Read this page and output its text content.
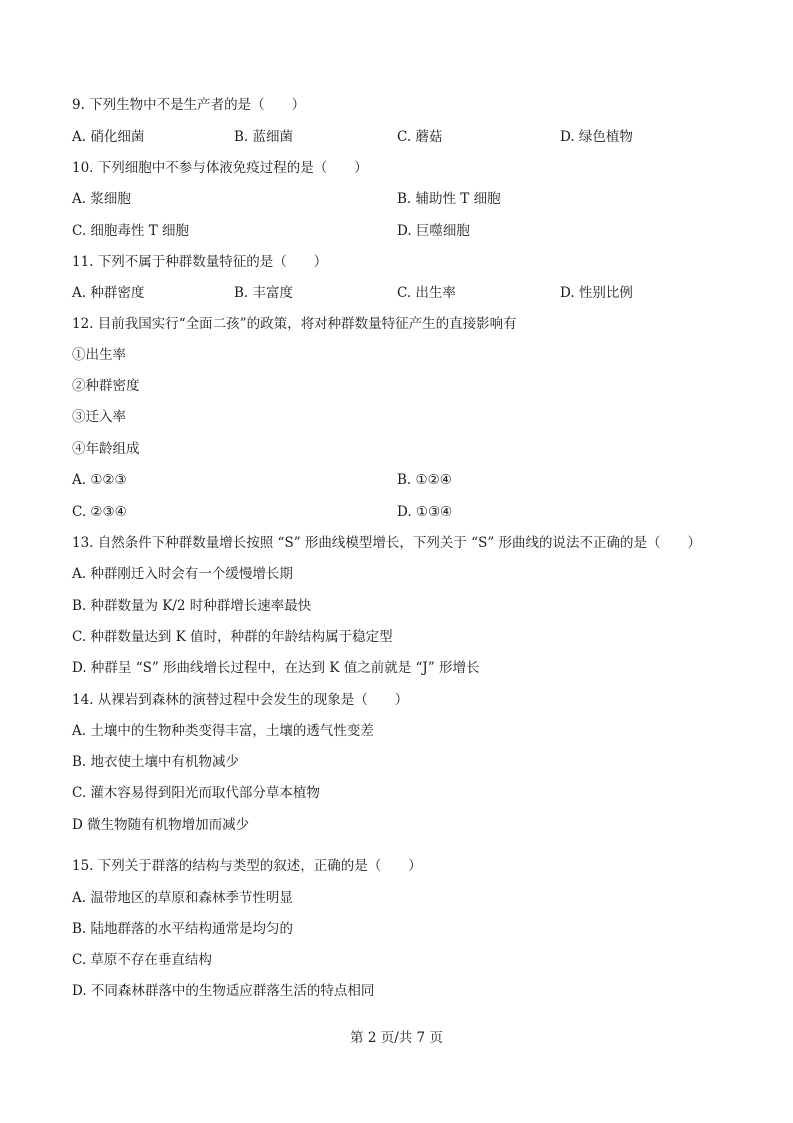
9. 下列生物中不是生产者的是（　　）
A. 硝化细菌	B. 蓝细菌	C. 蘑菇	D. 绿色植物
10. 下列细胞中不参与体液免疫过程的是（　　）
A. 浆细胞	B. 辅助性 T 细胞
C. 细胞毒性 T 细胞	D. 巨噬细胞
11. 下列不属于种群数量特征的是（　　）
A. 种群密度	B. 丰富度	C. 出生率	D. 性别比例
12. 目前我国实行“全面二孩”的政策，将对种群数量特征产生的直接影响有
①出生率
②种群密度
③迁入率
④年龄组成
A. ①②③	B. ①②④
C. ②③④	D. ①③④
13. 自然条件下种群数量增长按照 “S” 形曲线模型增长，下列关于 “S” 形曲线的说法不正确的是（　　）
A. 种群刚迁入时会有一个缓慢增长期
B. 种群数量为 K/2 时种群增长速率最快
C. 种群数量达到 K 值时，种群的年龄结构属于稳定型
D. 种群呈 “S” 形曲线增长过程中，在达到 K 值之前就是 “J” 形增长
14. 从裸岩到森林的演替过程中会发生的现象是（　　）
A. 土壤中的生物种类变得丰富，土壤的透气性变差
B. 地衣使土壤中有机物减少
C. 灌木容易得到阳光而取代部分草本植物
D 微生物随有机物增加而减少
15. 下列关于群落的结构与类型的叙述，正确的是（　　）
A. 温带地区的草原和森林季节性明显
B. 陆地群落的水平结构通常是均匀的
C. 草原不存在垂直结构
D. 不同森林群落中的生物适应群落生活的特点相同
第 2 页/共 7 页
